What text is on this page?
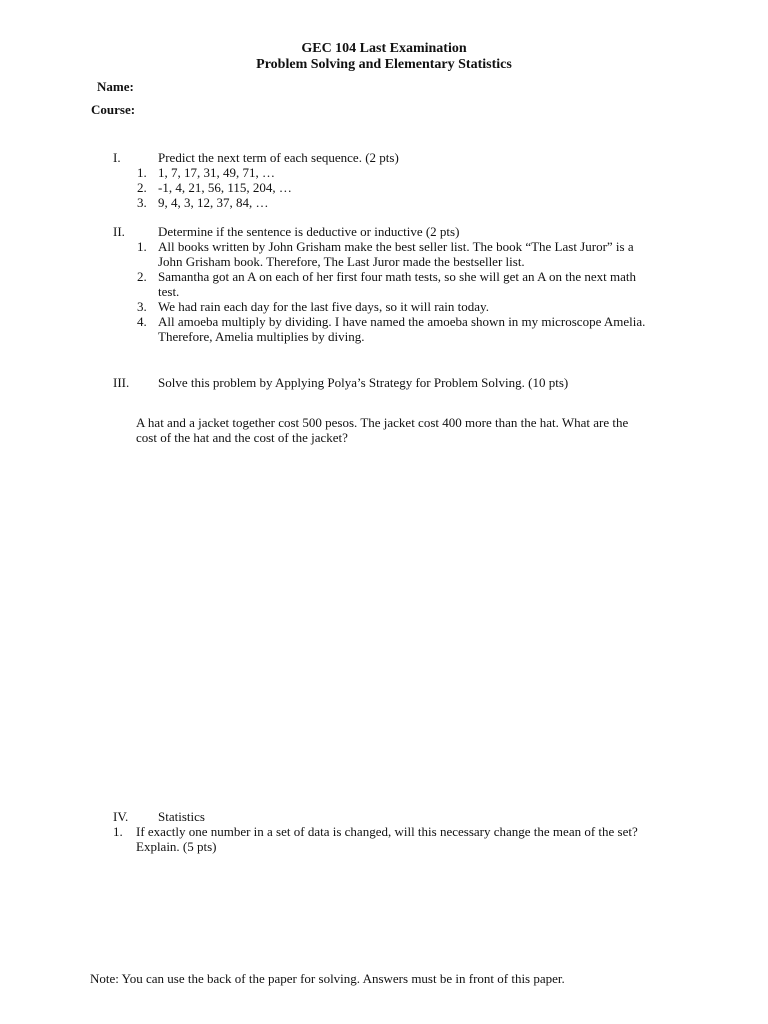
GEC 104 Last Examination
Problem Solving and Elementary Statistics
Name:
Course:
I.	Predict the next term of each sequence. (2 pts)
1. 1, 7, 17, 31, 49, 71, …
2. -1, 4, 21, 56, 115, 204, …
3. 9, 4, 3, 12, 37, 84, …
II.	Determine if the sentence is deductive or inductive (2 pts)
1. All books written by John Grisham make the best seller list. The book “The Last Juror” is a
John Grisham book. Therefore, The Last Juror made the bestseller list.
2. Samantha got an A on each of her first four math tests, so she will get an A on the next math
test.
3. We had rain each day for the last five days, so it will rain today.
4. All amoeba multiply by dividing. I have named the amoeba shown in my microscope Amelia.
Therefore, Amelia multiplies by diving.
III. Solve this problem by Applying Polya’s Strategy for Problem Solving. (10 pts)
A hat and a jacket together cost 500 pesos. The jacket cost 400 more than the hat. What are the
cost of the hat and the cost of the jacket?
IV. Statistics
1. If exactly one number in a set of data is changed, will this necessary change the mean of the set?
Explain. (5 pts)
Note: You can use the back of the paper for solving. Answers must be in front of this paper.
